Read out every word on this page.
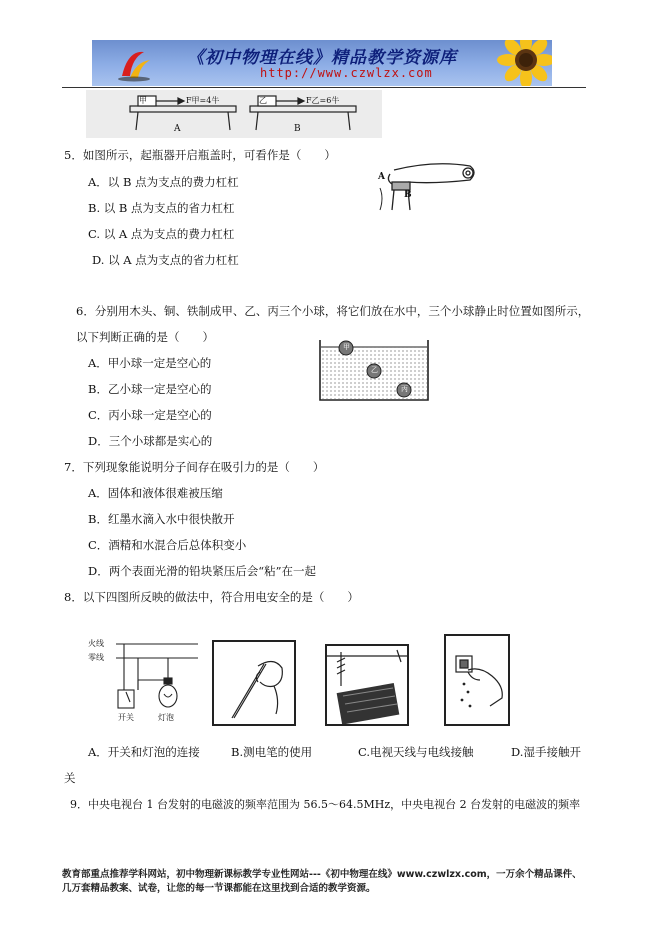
《初中物理在线》精品教学资源库
http://www.czwlzx.com
甲	F甲=4牛
A
乙	F乙=6牛
B
5．如图所示，起瓶器开启瓶盖时，可看作是（　　）
A．以 B 点为支点的费力杠杠
B. 以 B 点为支点的省力杠杠
C. 以 A 点为支点的费力杠杠
D. 以 A 点为支点的省力杠杠
A
B
6．分别用木头、铜、铁制成甲、乙、丙三个小球，将它们放在水中，三个小球静止时位置如图所示，
以下判断正确的是（　　）
A．甲小球一定是空心的
B．乙小球一定是空心的
C．丙小球一定是空心的
D．三个小球都是实心的
甲
乙
丙
7．下列现象能说明分子间存在吸引力的是（　　）
A．固体和液体很难被压缩
B．红墨水滴入水中很快散开
C．酒精和水混合后总体积变小
D．两个表面光滑的铅块紧压后会“粘”在一起
8．以下四图所反映的做法中，符合用电安全的是（　　）
火线
零线
开关	灯泡
A．开关和灯泡的连接	B.测电笔的使用	C.电视天线与电线接触	D.湿手接触开
关
9．中央电视台 1 台发射的电磁波的频率范围为 56.5～64.5MHz，中央电视台 2 台发射的电磁波的频率
教育部重点推荐学科网站，初中物理新课标教学专业性网站---《初中物理在线》www.czwlzx.com，一万余个精品课件、
几万套精品教案、试卷，让您的每一节课都能在这里找到合适的教学资源。
